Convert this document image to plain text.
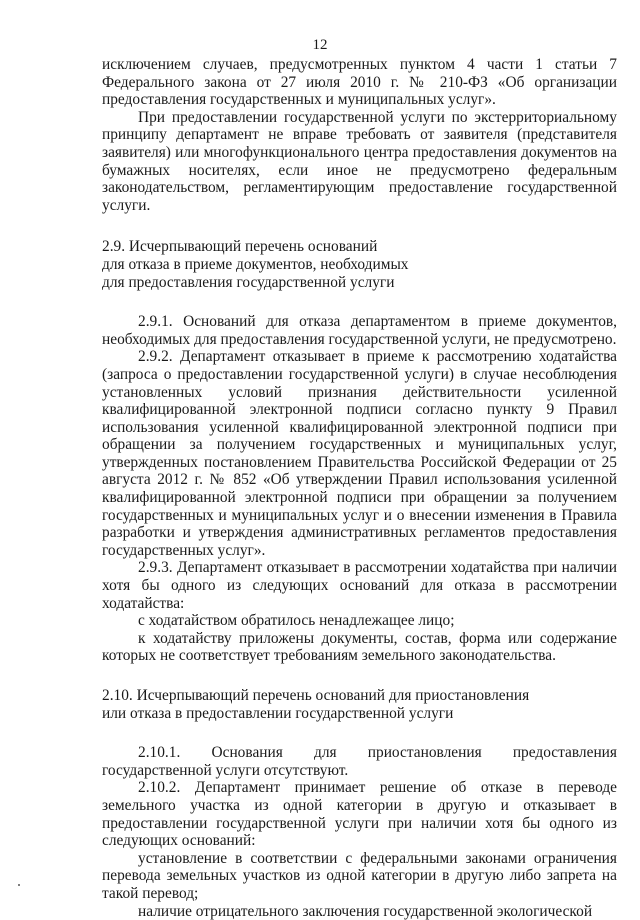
12

исключением случаев, предусмотренных пунктом 4 части 1 статьи 7 Федерального закона от 27 июля 2010 г. № 210-ФЗ «Об организации предоставления государственных и муниципальных услуг».

При предоставлении государственной услуги по экстерриториальному принципу департамент не вправе требовать от заявителя (представителя заявителя) или многофункционального центра предоставления документов на бумажных носителях, если иное не предусмотрено федеральным законодательством, регламентирующим предоставление государственной услуги.

2.9. Исчерпывающий перечень оснований
для отказа в приеме документов, необходимых
для предоставления государственной услуги

2.9.1. Оснований для отказа департаментом в приеме документов, необходимых для предоставления государственной услуги, не предусмотрено.

2.9.2. Департамент отказывает в приеме к рассмотрению ходатайства (запроса о предоставлении государственной услуги) в случае несоблюдения установленных условий признания действительности усиленной квалифицированной электронной подписи согласно пункту 9 Правил использования усиленной квалифицированной электронной подписи при обращении за получением государственных и муниципальных услуг, утвержденных постановлением Правительства Российской Федерации от 25 августа 2012 г. № 852 «Об утверждении Правил использования усиленной квалифицированной электронной подписи при обращении за получением государственных и муниципальных услуг и о внесении изменения в Правила разработки и утверждения административных регламентов предоставления государственных услуг».

2.9.3. Департамент отказывает в рассмотрении ходатайства при наличии хотя бы одного из следующих оснований для отказа в рассмотрении ходатайства:

с ходатайством обратилось ненадлежащее лицо;

к ходатайству приложены документы, состав, форма или содержание которых не соответствует требованиям земельного законодательства.

2.10. Исчерпывающий перечень оснований для приостановления
или отказа в предоставлении государственной услуги

2.10.1. Основания для приостановления предоставления государственной услуги отсутствуют.

2.10.2. Департамент принимает решение об отказе в переводе земельного участка из одной категории в другую и отказывает в предоставлении государственной услуги при наличии хотя бы одного из следующих оснований:

установление в соответствии с федеральными законами ограничения перевода земельных участков из одной категории в другую либо запрета на такой перевод;

наличие отрицательного заключения государственной экологической
